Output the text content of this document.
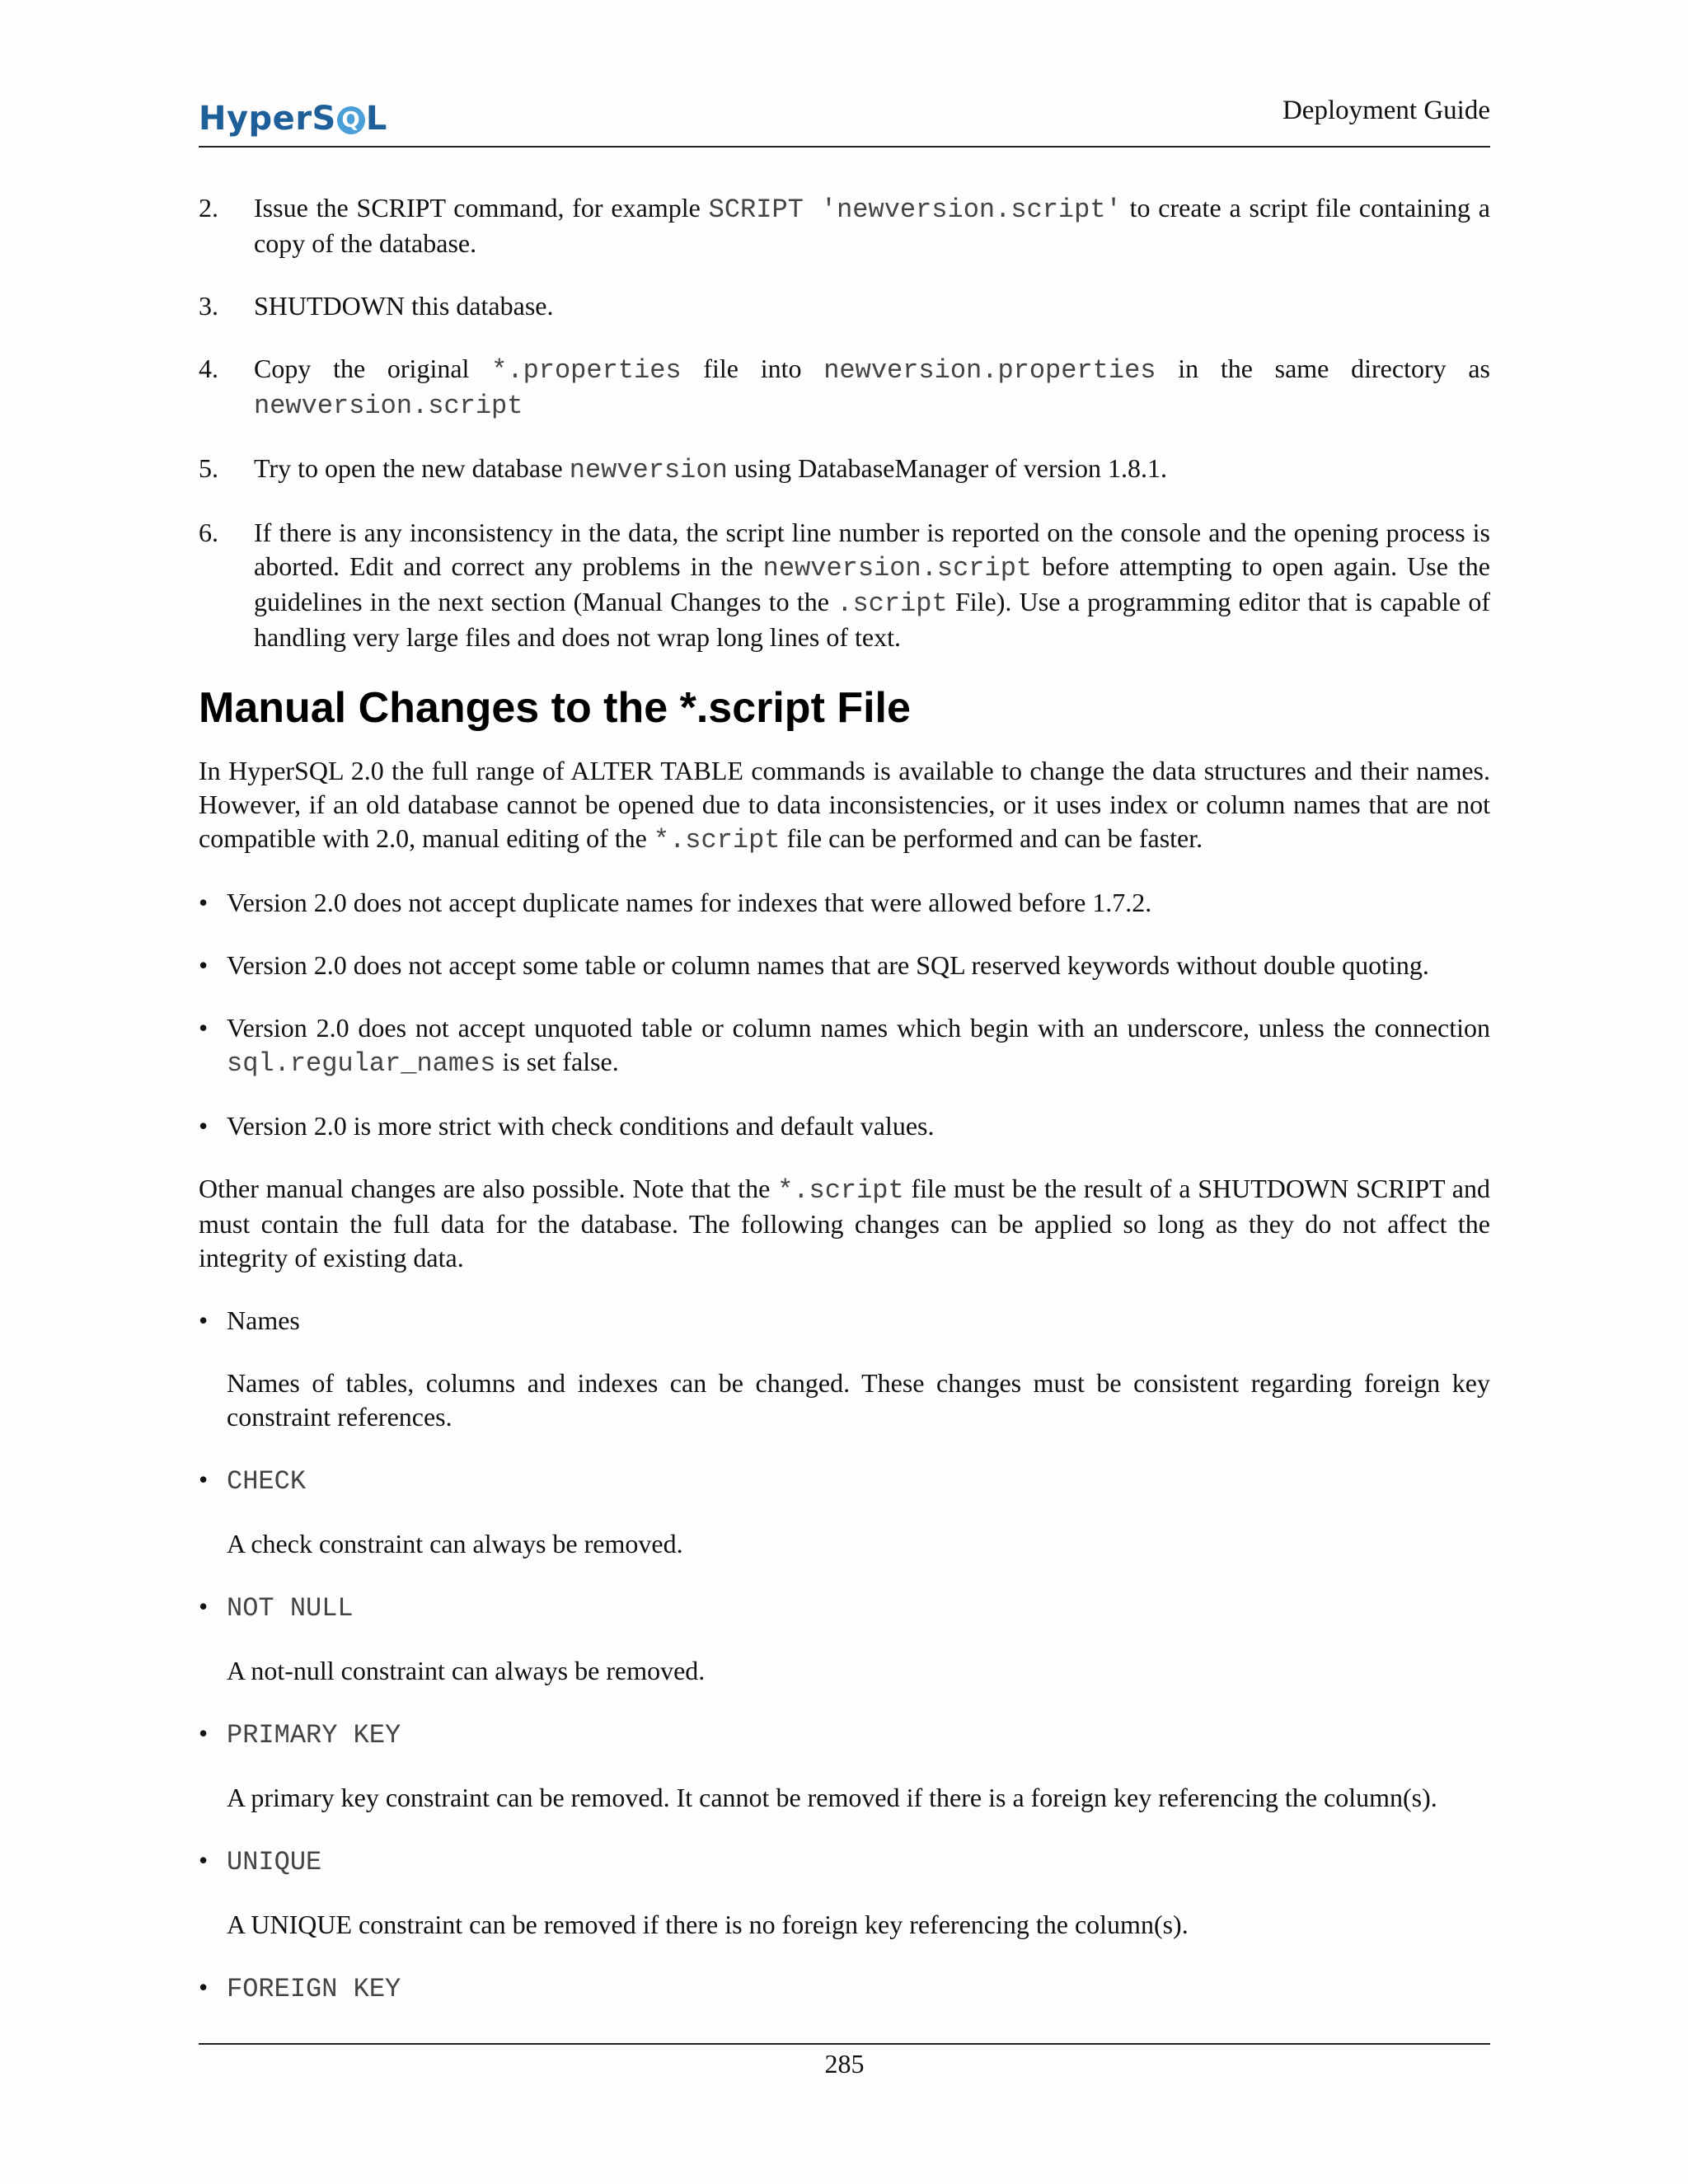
HyperS Q L	Deployment Guide
2. Issue the SCRIPT command, for example SCRIPT 'newversion.script' to create a script file containing a copy of the database.
3. SHUTDOWN this database.
4. Copy the original *.properties file into newversion.properties in the same directory as newversion.script
5. Try to open the new database newversion using DatabaseManager of version 1.8.1.
6. If there is any inconsistency in the data, the script line number is reported on the console and the opening process is aborted. Edit and correct any problems in the newversion.script before attempting to open again. Use the guidelines in the next section (Manual Changes to the .script File). Use a programming editor that is capable of handling very large files and does not wrap long lines of text.
Manual Changes to the *.script File

In HyperSQL 2.0 the full range of ALTER TABLE commands is available to change the data structures and their names. However, if an old database cannot be opened due to data inconsistencies, or it uses index or column names that are not compatible with 2.0, manual editing of the *.script file can be performed and can be faster.

• Version 2.0 does not accept duplicate names for indexes that were allowed before 1.7.2.
• Version 2.0 does not accept some table or column names that are SQL reserved keywords without double quoting.
• Version 2.0 does not accept unquoted table or column names which begin with an underscore, unless the connection sql.regular_names is set false.
• Version 2.0 is more strict with check conditions and default values.

Other manual changes are also possible. Note that the *.script file must be the result of a SHUTDOWN SCRIPT and must contain the full data for the database. The following changes can be applied so long as they do not affect the integrity of existing data.

• Names
Names of tables, columns and indexes can be changed. These changes must be consistent regarding foreign key constraint references.
• CHECK
A check constraint can always be removed.
• NOT NULL
A not-null constraint can always be removed.
• PRIMARY KEY
A primary key constraint can be removed. It cannot be removed if there is a foreign key referencing the column(s).
• UNIQUE
A UNIQUE constraint can be removed if there is no foreign key referencing the column(s).
• FOREIGN KEY
285
